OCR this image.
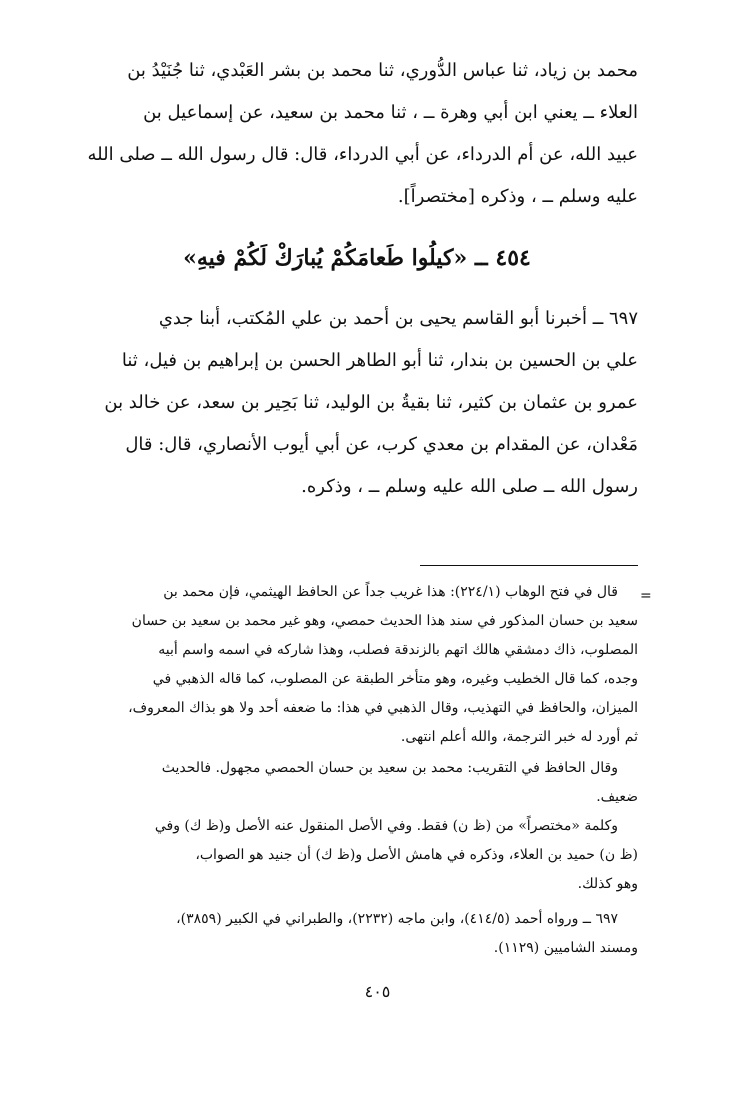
محمد بن زياد، ثنا عباس الدُّوري، ثنا محمد بن بشر العَبْدي، ثنا جُنَيْدُ بن
العلاء ــ يعني ابن أبي وهرة ــ ، ثنا محمد بن سعيد، عن إسماعيل بن
عبيد الله، عن أم الدرداء، عن أبي الدرداء، قال: قال رسول الله ــ صلى الله
عليه وسلم ــ ، وذكره [مختصراً].
٤٥٤ ــ «كيلُوا طَعامَكُمْ يُبارَكْ لَكُمْ فيهِ»
٦٩٧ ــ أخبرنا أبو القاسم يحيى بن أحمد بن علي المُكتب، أبنا جدي
علي بن الحسين بن بندار، ثنا أبو الطاهر الحسن بن إبراهيم بن فيل، ثنا
عمرو بن عثمان بن كثير، ثنا بقيةُ بن الوليد، ثنا بَحِير بن سعد، عن خالد بن
مَعْدان، عن المقدام بن معدي كرب، عن أبي أيوب الأنصاري، قال: قال
رسول الله ــ صلى الله عليه وسلم ــ ، وذكره.
=
قال في فتح الوهاب (٢٢٤/١): هذا غريب جداً عن الحافظ الهيثمي، فإن محمد بن
سعيد بن حسان المذكور في سند هذا الحديث حمصي، وهو غير محمد بن سعيد بن حسان
المصلوب، ذاك دمشقي هالك اتهم بالزندقة فصلب، وهذا شاركه في اسمه واسم أبيه
وجده، كما قال الخطيب وغيره، وهو متأخر الطبقة عن المصلوب، كما قاله الذهبي في
الميزان، والحافظ في التهذيب، وقال الذهبي في هذا: ما ضعفه أحد ولا هو بذاك المعروف،
ثم أورد له خبر الترجمة، والله أعلم انتهى.
وقال الحافظ في التقريب: محمد بن سعيد بن حسان الحمصي مجهول. فالحديث
ضعيف.
وكلمة «مختصراً» من (ظ ن) فقط. وفي الأصل المنقول عنه الأصل و(ظ ك) وفي
(ظ ن) حميد بن العلاء، وذكره في هامش الأصل و(ظ ك) أن جنيد هو الصواب،
وهو كذلك.
٦٩٧ ــ ورواه أحمد (٤١٤/٥)، وابن ماجه (٢٢٣٢)، والطبراني في الكبير (٣٨٥٩)،
ومسند الشاميين (١١٢٩).
٤٠٥
